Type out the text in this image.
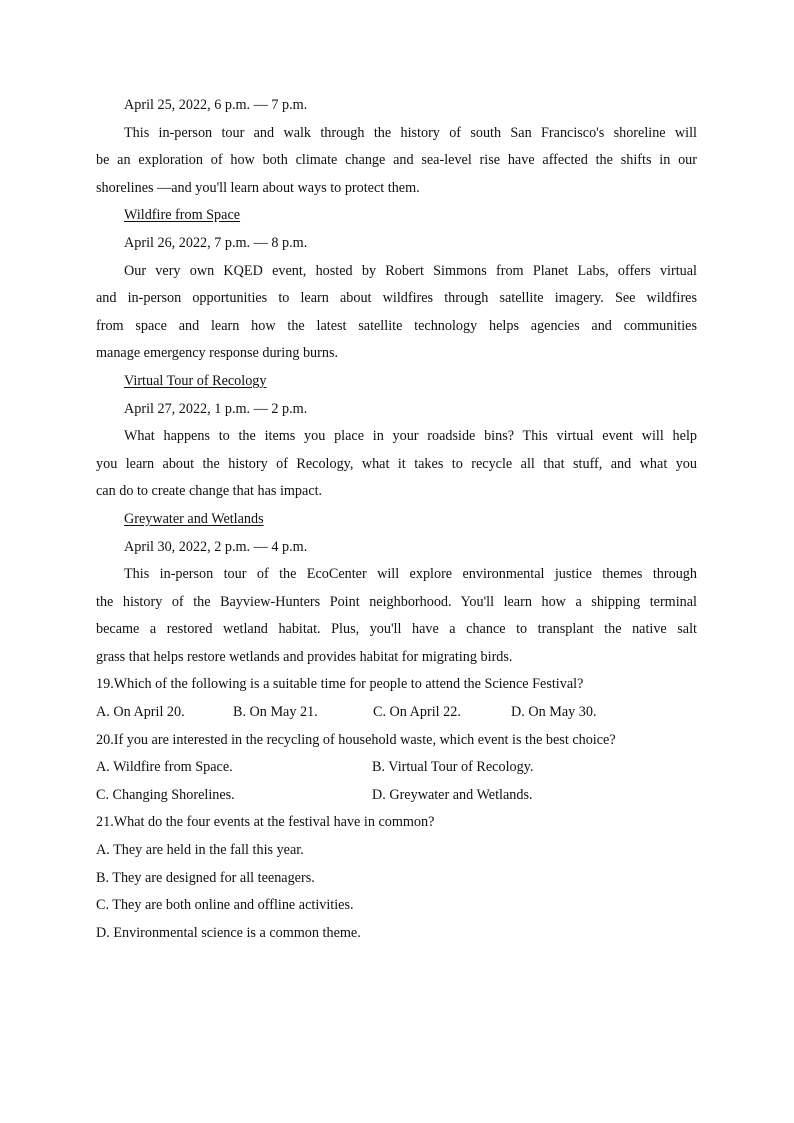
April 25, 2022, 6 p.m. — 7 p.m.
This in-person tour and walk through the history of south San Francisco's shoreline will
be an exploration of how both climate change and sea-level rise have affected the shifts in our
shorelines —and you'll learn about ways to protect them.
Wildfire from Space
April 26, 2022, 7 p.m. — 8 p.m.
Our very own KQED event, hosted by Robert Simmons from Planet Labs, offers virtual
and in-person opportunities to learn about wildfires through satellite imagery. See wildfires
from space and learn how the latest satellite technology helps agencies and communities
manage emergency response during burns.
Virtual Tour of Recology
April 27, 2022, 1 p.m. — 2 p.m.
What happens to the items you place in your roadside bins? This virtual event will help
you learn about the history of Recology, what it takes to recycle all that stuff, and what you
can do to create change that has impact.
Greywater and Wetlands
April 30, 2022, 2 p.m. — 4 p.m.
This in-person tour of the EcoCenter will explore environmental justice themes through
the history of the Bayview-Hunters Point neighborhood. You'll learn how a shipping terminal
became a restored wetland habitat. Plus, you'll have a chance to transplant the native salt
grass that helps restore wetlands and provides habitat for migrating birds.
19.Which of the following is a suitable time for people to attend the Science Festival?
A. On April 20.	B. On May 21.	C. On April 22.	D. On May 30.
20.If you are interested in the recycling of household waste, which event is the best choice?
A. Wildfire from Space.	B. Virtual Tour of Recology.
C. Changing Shorelines.	D. Greywater and Wetlands.
21.What do the four events at the festival have in common?
A. They are held in the fall this year.
B. They are designed for all teenagers.
C. They are both online and offline activities.
D. Environmental science is a common theme.
